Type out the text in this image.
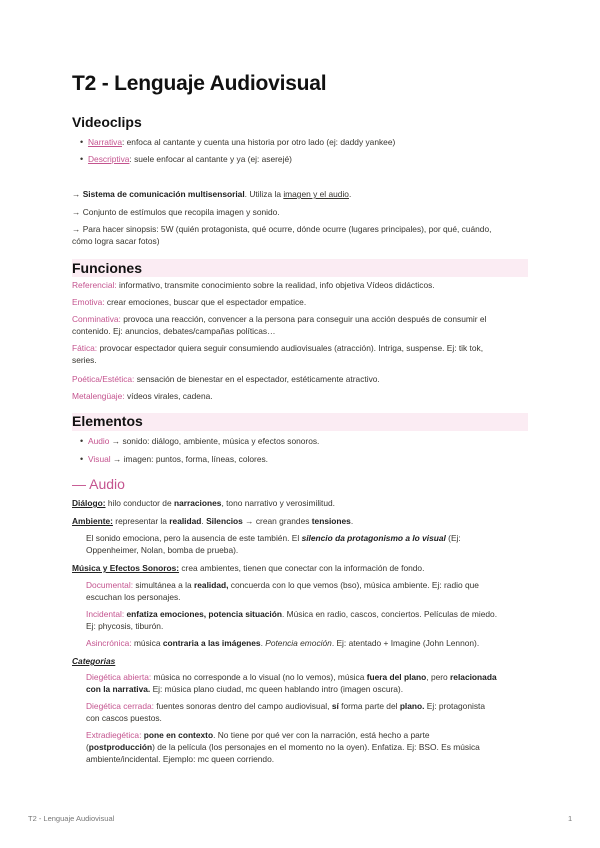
T2 - Lenguaje Audiovisual
Videoclips
• Narrativa: enfoca al cantante y cuenta una historia por otro lado (ej: daddy yankee)
• Descriptiva: suele enfocar al cantante y ya (ej: aserejé)
→ Sistema de comunicación multisensorial. Utiliza la imagen y el audio.
→ Conjunto de estímulos que recopila imagen y sonido.
→ Para hacer sinopsis: 5W (quién protagonista, qué ocurre, dónde ocurre (lugares principales), por qué, cuándo,
cómo logra sacar fotos)
Funciones
Referencial: informativo, transmite conocimiento sobre la realidad, info objetiva Vídeos didácticos.
Emotiva: crear emociones, buscar que el espectador empatice.
Conminativa: provoca una reacción, convencer a la persona para conseguir una acción después de consumir el
contenido. Ej: anuncios, debates/campañas políticas…
Fática: provocar espectador quiera seguir consumiendo audiovisuales (atracción). Intriga, suspense. Ej: tik tok,
series.
Poética/Estética: sensación de bienestar en el espectador, estéticamente atractivo.
Metalengüaje: vídeos virales, cadena.
Elementos
• Audio → sonido: diálogo, ambiente, música y efectos sonoros.
• Visual → imagen: puntos, forma, líneas, colores.
— Audio
Diálogo: hilo conductor de narraciones, tono narrativo y verosimilitud.
Ambiente: representar la realidad. Silencios → crean grandes tensiones.
El sonido emociona, pero la ausencia de este también. El silencio da protagonismo a lo visual (Ej:
Oppenheimer, Nolan, bomba de prueba).
Música y Efectos Sonoros: crea ambientes, tienen que conectar con la información de fondo.
Documental: simultánea a la realidad, concuerda con lo que vemos (bso), música ambiente. Ej: radio que
escuchan los personajes.
Incidental: enfatiza emociones, potencia situación. Música en radio, cascos, conciertos. Películas de miedo.
Ej: phycosis, tiburón.
Asincrónica: música contraria a las imágenes. Potencia emoción. Ej: atentado + Imagine (John Lennon).
Categorias
Diegética abierta: música no corresponde a lo visual (no lo vemos), música fuera del plano, pero relacionada
con la narrativa. Ej: música plano ciudad, mc queen hablando intro (imagen oscura).
Diegética cerrada: fuentes sonoras dentro del campo audiovisual, sí forma parte del plano. Ej: protagonista
con cascos puestos.
Extradiegética: pone en contexto. No tiene por qué ver con la narración, está hecho a parte
(postproducción) de la película (los personajes en el momento no la oyen). Enfatiza. Ej: BSO. Es música
ambiente/incidental. Ejemplo: mc queen corriendo.
T2 - Lenguaje Audiovisual	1
